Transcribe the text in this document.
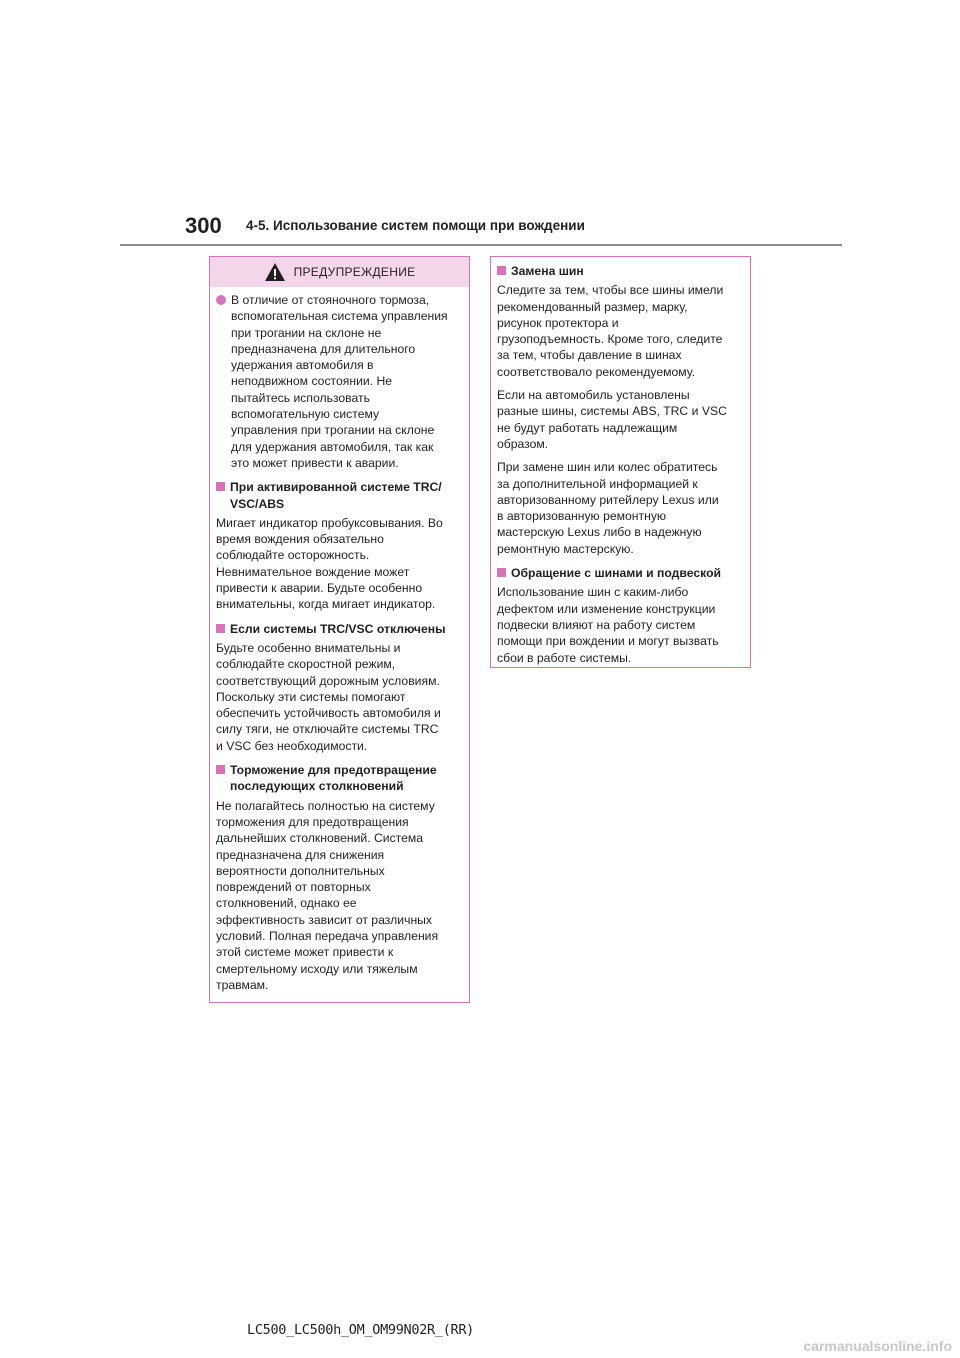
300 4-5. Использование систем помощи при вождении
ПРЕДУПРЕЖДЕНИЕ
В отличие от стояночного тормоза,
вспомогательная система управления
при трогании на склоне не
предназначена для длительного
удержания автомобиля в
неподвижном состоянии. Не
пытайтесь использовать
вспомогательную систему
управления при трогании на склоне
для удержания автомобиля, так как
это может привести к аварии.
При активированной системе TRC/
VSC/ABS
Мигает индикатор пробуксовывания. Во
время вождения обязательно
соблюдайте осторожность.
Невнимательное вождение может
привести к аварии. Будьте особенно
внимательны, когда мигает индикатор.
Если системы TRC/VSC отключены
Будьте особенно внимательны и
соблюдайте скоростной режим,
соответствующий дорожным условиям.
Поскольку эти системы помогают
обеспечить устойчивость автомобиля и
силу тяги, не отключайте системы TRC
и VSC без необходимости.
Торможение для предотвращение
последующих столкновений
Не полагайтесь полностью на систему
торможения для предотвращения
дальнейших столкновений. Система
предназначена для снижения
вероятности дополнительных
повреждений от повторных
столкновений, однако ее
эффективность зависит от различных
условий. Полная передача управления
этой системе может привести к
смертельному исходу или тяжелым
травмам.
Замена шин
Следите за тем, чтобы все шины имели
рекомендованный размер, марку,
рисунок протектора и
грузоподъемность. Кроме того, следите
за тем, чтобы давление в шинах
соответствовало рекомендуемому.
Если на автомобиль установлены
разные шины, системы ABS, TRC и VSC
не будут работать надлежащим
образом.
При замене шин или колес обратитесь
за дополнительной информацией к
авторизованному ритейлеру Lexus или
в авторизованную ремонтную
мастерскую Lexus либо в надежную
ремонтную мастерскую.
Обращение с шинами и подвеской
Использование шин с каким-либо
дефектом или изменение конструкции
подвески влияют на работу систем
помощи при вождении и могут вызвать
сбои в работе системы.
LC500_LC500h_OM_OM99N02R_(RR)
carmanualsonline.info
